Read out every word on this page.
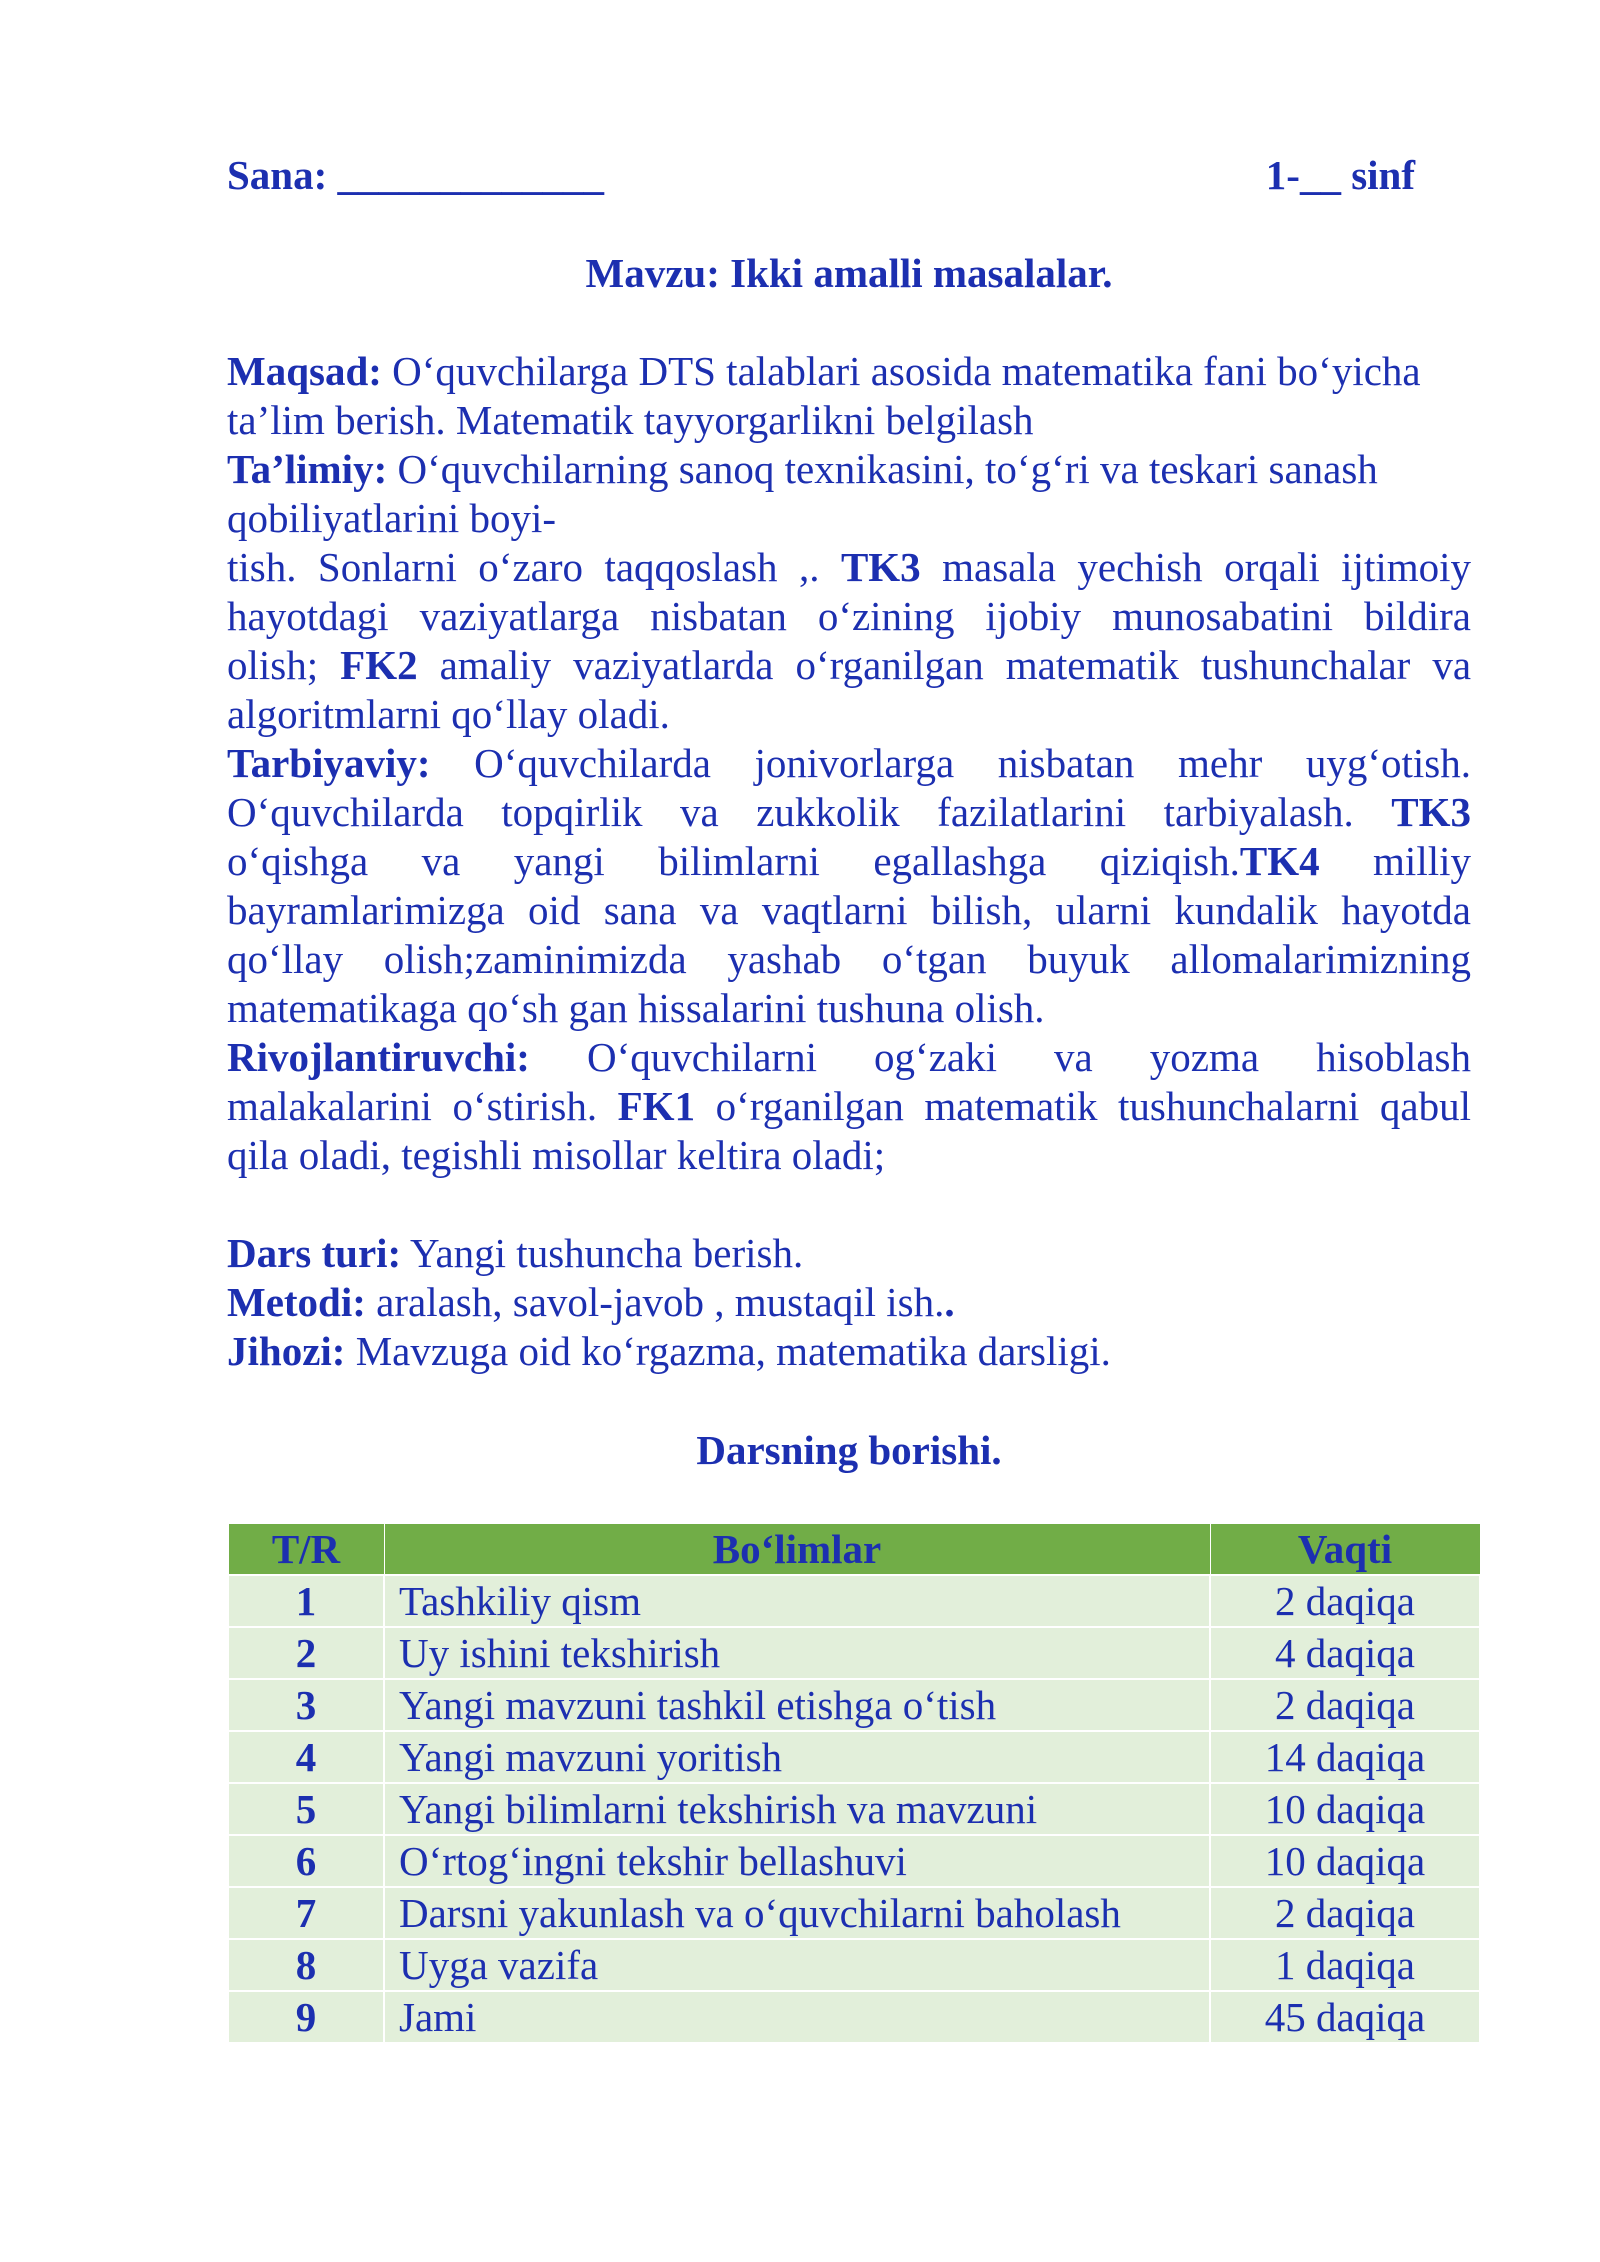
Sana: _____________	1-__ sinf
Mavzu: Ikki amalli masalalar.
Maqsad: O‘quvchilarga DTS talablari asosida matematika fani bo‘yicha
ta’lim berish. Matematik tayyorgarlikni belgilash
Ta’limiy: O‘quvchilarning sanoq texnikasini, to‘g‘ri va teskari sanash
qobiliyatlarini boyi-
tish. Sonlarni o‘zaro taqqoslash ,. TK3 masala yechish orqali ijtimoiy
hayotdagi vaziyatlarga nisbatan o‘zining ijobiy munosabatini bildira
olish; FK2 amaliy vaziyatlarda o‘rganilgan matematik tushunchalar va
algoritmlarni qo‘llay oladi.
Tarbiyaviy: O‘quvchilarda jonivorlarga nisbatan mehr uyg‘otish.
O‘quvchilarda topqirlik va zukkolik fazilatlarini tarbiyalash. TK3
o‘qishga va yangi bilimlarni egallashga qiziqish.TK4 milliy
bayramlarimizga oid sana va vaqtlarni bilish, ularni kundalik hayotda
qo‘llay olish;zaminimizda yashab o‘tgan buyuk allomalarimizning
matematikaga qo‘sh gan hissalarini tushuna olish.
Rivojlantiruvchi: O‘quvchilarni og‘zaki va yozma hisoblash
malakalarini o‘stirish. FK1 o‘rganilgan matematik tushunchalarni qabul
qila oladi, tegishli misollar keltira oladi;
Dars turi: Yangi tushuncha berish.
Metodi: aralash, savol-javob , mustaqil ish..
Jihozi: Mavzuga oid ko‘rgazma, matematika darsligi.
Darsning borishi.
T/R	Bo‘limlar	Vaqti
1	Tashkiliy qism	2 daqiqa
2	Uy ishini tekshirish	4 daqiqa
3	Yangi mavzuni tashkil etishga o‘tish	2 daqiqa
4	Yangi mavzuni yoritish	14 daqiqa
5	Yangi bilimlarni tekshirish va mavzuni	10 daqiqa
6	O‘rtog‘ingni tekshir bellashuvi	10 daqiqa
7	Darsni yakunlash va o‘quvchilarni baholash	2 daqiqa
8	Uyga vazifa	1 daqiqa
9	Jami	45 daqiqa
